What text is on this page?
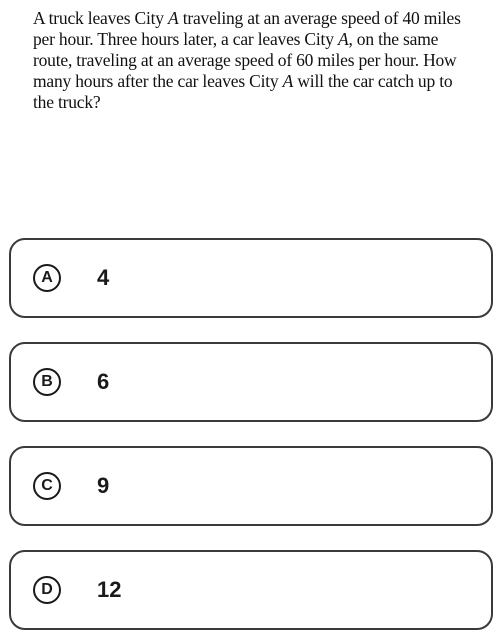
A truck leaves City A traveling at an average speed of 40 miles per hour. Three hours later, a car leaves City A, on the same route, traveling at an average speed of 60 miles per hour. How many hours after the car leaves City A will the car catch up to the truck?

A	4
B	6
C	9
D	12
